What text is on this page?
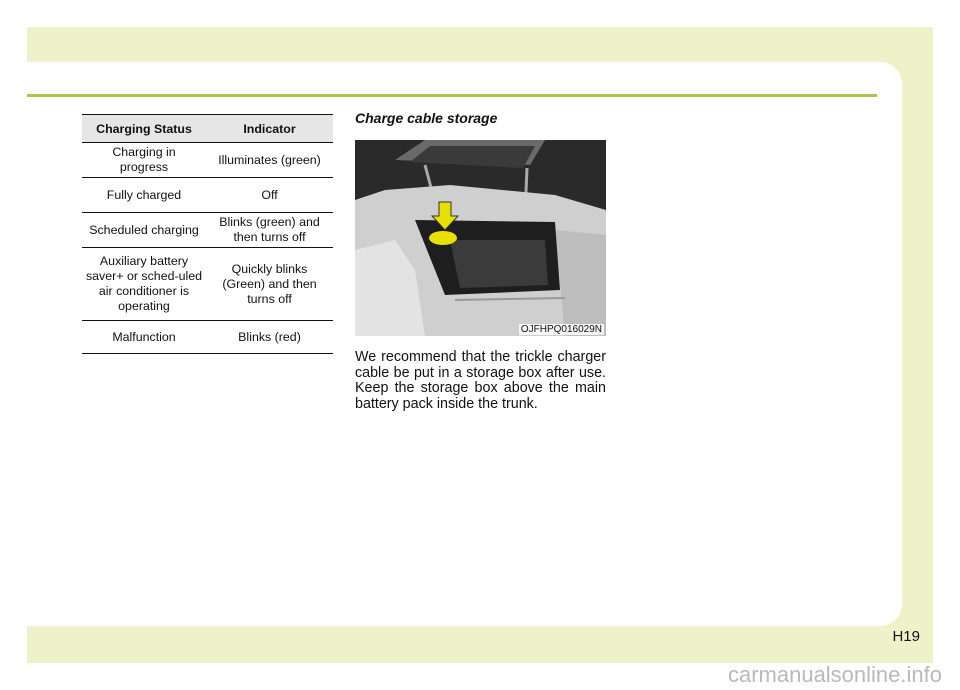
Charging Status	Indicator
Charging in progress	Illuminates (green)
Fully charged	Off
Scheduled charging	Blinks (green) and then turns off
Auxiliary battery saver+ or sched-uled air conditioner is operating	Quickly blinks (Green) and then turns off
Malfunction	Blinks (red)
Charge cable storage
OJFHPQ016029N

We recommend that the trickle charger cable be put in a storage box after use. Keep the storage box above the main battery pack inside the trunk.

H19
carmanualsonline.info
